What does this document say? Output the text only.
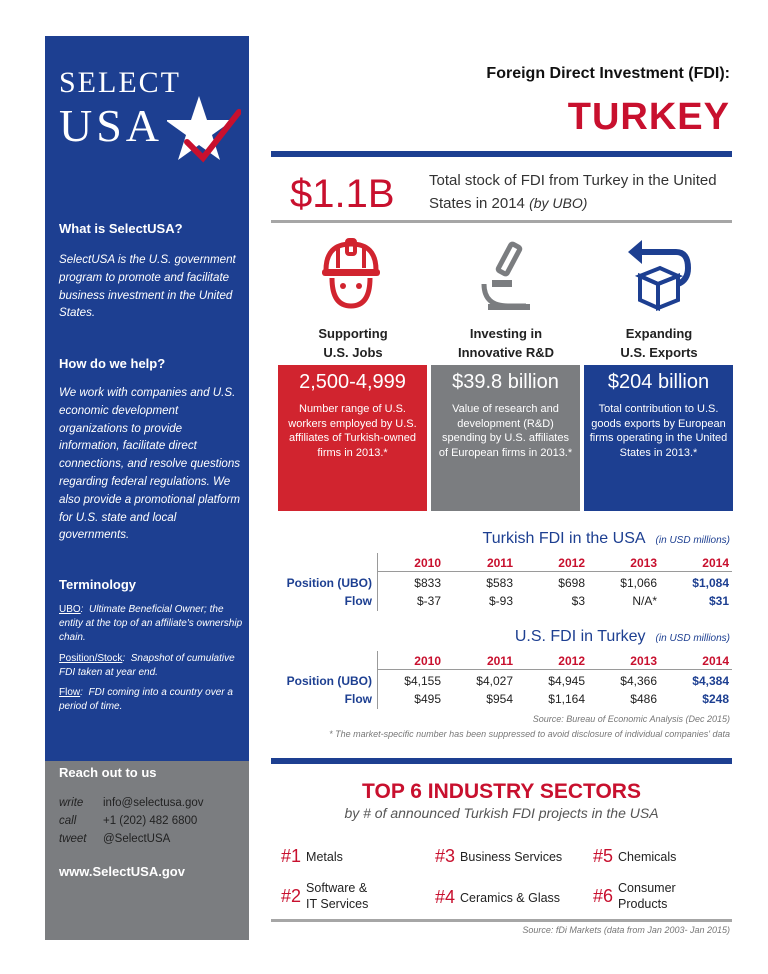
SELECT
USA
What is SelectUSA?
SelectUSA is the U.S. government program to promote and facilitate business investment in the United States.
How do we help?
We work with companies and U.S. economic development organizations to provide information, facilitate direct connections, and resolve questions regarding federal regulations. We also provide a promotional platform for U.S. state and local governments.
Terminology
UBO:  Ultimate Beneficial Owner; the entity at the top of an affiliate's ownership chain.
Position/Stock:  Snapshot of cumulative FDI taken at year end.
Flow:  FDI coming into a country over a period of time.
Reach out to us
write info@selectusa.gov
call +1 (202) 482 6800
tweet @SelectUSA
www.SelectUSA.gov
Foreign Direct Investment (FDI):
TURKEY
$1.1B Total stock of FDI from Turkey in the United States in 2014 (by UBO)
Supporting
U.S. Jobs
Investing in
Innovative R&D
Expanding
U.S. Exports
2,500-4,999
Number range of U.S. workers employed by U.S. affiliates of Turkish-owned firms in 2013.*
$39.8 billion
Value of research and development (R&D) spending by U.S. affiliates of European firms in 2013.*
$204 billion
Total contribution to U.S. goods exports by European firms operating in the United States in 2013.*
Turkish FDI in the USA (in USD millions)
2010	2011	2012	2013	2014
Position (UBO)	$833	$583	$698	$1,066	$1,084
Flow	$-37	$-93	$3	N/A*	$31
U.S. FDI in Turkey (in USD millions)
2010	2011	2012	2013	2014
Position (UBO)	$4,155	$4,027	$4,945	$4,366	$4,384
Flow	$495	$954	$1,164	$486	$248
Source: Bureau of Economic Analysis (Dec 2015)
* The market-specific number has been suppressed to avoid disclosure of individual companies' data
TOP 6 INDUSTRY SECTORS
by # of announced Turkish FDI projects in the USA
#1 Metals
#2 Software &
IT Services
#3 Business Services
#4 Ceramics & Glass
#5 Chemicals
#6 Consumer
Products
Source: fDi Markets (data from Jan 2003- Jan 2015)
